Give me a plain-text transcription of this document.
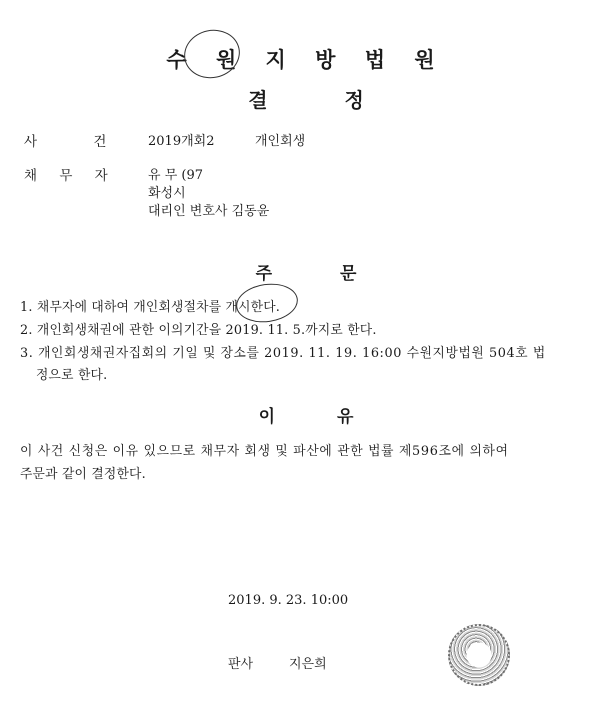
수 원 지 방 법 원
결 정
사 건	2019개회2	개인회생
채 무 자	유 무 (97
화성시
대리인 변호사 김동윤
주 문
1. 채무자에 대하여 개인회생절차를 개시한다.
2. 개인회생채권에 관한 이의기간을 2019. 11. 5.까지로 한다.
3. 개인회생채권자집회의 기일 및 장소를 2019. 11. 19. 16:00 수원지방법원 504호 법
정으로 한다.
이 유
이 사건 신청은 이유 있으므로 채무자 회생 및 파산에 관한 법률 제596조에 의하여
주문과 같이 결정한다.
2019. 9. 23. 10:00
판사	지은희
